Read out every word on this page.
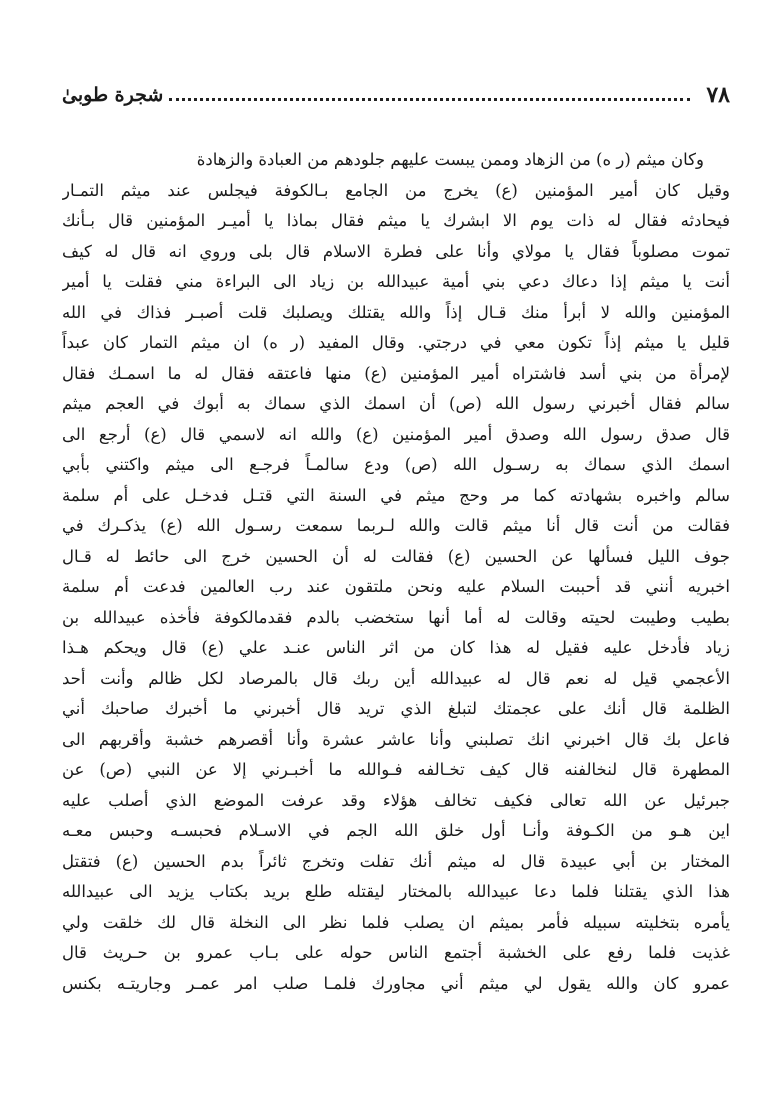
٧٨
شجرة طوبىٰ
وكان ميثم (ر ه) من الزهاد وممن يبست عليهم جلودهم من العبادة والزهادة
وقيل كان أمير المؤمنين (ع) يخرج من الجامع بـالكوفة فيجلس عند ميثم التمـار
فيحادثه فقال له ذات يوم الا ابشرك يا ميثم فقال بماذا يا أميـر المؤمنين قال بـأنك
تموت مصلوباً فقال يا مولاي وأنا على فطرة الاسلام قال بلى وروي انه قال له كيف
أنت يا ميثم إذا دعاك دعي بني أمية عبيدالله بن زياد الى البراءة مني فقلت يا أمير
المؤمنين والله لا أبرأ منك قـال إذاً والله يقتلك ويصلبك قلت أصبـر فذاك في الله
قليل يا ميثم إذاً تكون معي في درجتي. وقال المفيد (ر ه) ان ميثم التمار كان عبداً
لإمرأة من بني أسد فاشتراه أمير المؤمنين (ع) منها فاعتقه فقال له ما اسمـك فقال
سالم فقال أخبرني رسول الله (ص) أن اسمك الذي سماك به أبوك في العجم ميثم
قال صدق رسول الله وصدق أمير المؤمنين (ع) والله انه لاسمي قال (ع) أرجع الى
اسمك الذي سماك به رسـول الله (ص) ودع سالمـاً فرجـع الى ميثم واكتني بأبي
سالم واخبره بشهادته كما مر وحج ميثم في السنة التي قتـل فدخـل على أم سلمة
فقالت من أنت قال أنا ميثم قالت والله لـربما سمعت رسـول الله (ع) يذكـرك في
جوف الليل فسألها عن الحسين (ع) فقالت له أن الحسين خرج الى حائط له قـال
اخبريه أنني قد أحببت السلام عليه ونحن ملتقون عند رب العالمين فدعت أم سلمة
بطيب وطيبت لحيته وقالت له أما أنها ستخضب بالدم فقدمالكوفة فأخذه عبيدالله بن
زياد فأدخل عليه فقيل له هذا كان من اثر الناس عنـد علي (ع) قال ويحكم هـذا
الأعجمي قيل له نعم قال له عبيدالله أين ربك قال بالمرصاد لكل ظالم وأنت أحد
الظلمة قال أنك على عجمتك لتبلغ الذي تريد قال أخبرني ما أخبرك صاحبك أني
فاعل بك قال اخبرني انك تصلبني وأنا عاشر عشرة وأنا أقصرهم خشبة وأقربهم الى
المطهرة قال لنخالفنه قال كيف تخـالفه فـوالله ما أخبـرني إلا عن النبي (ص) عن
جبرئيل عن الله تعالى فكيف تخالف هؤلاء وقد عرفت الموضع الذي أصلب عليه
اين هـو من الكـوفة وأنـا أول خلق الله الجم في الاسـلام فحبسـه وحبس معـه
المختار بن أبي عبيدة قال له ميثم أنك تفلت وتخرج ثائراً بدم الحسين (ع) فتقتل
هذا الذي يقتلنا فلما دعا عبيدالله بالمختار ليقتله طلع بريد بكتاب يزيد الى عبيدالله
يأمره بتخليته سبيله فأمر بميثم ان يصلب فلما نظر الى النخلة قال لك خلقت ولي
غذيت فلما رفع على الخشبة أجتمع الناس حوله على بـاب عمرو بن حـريث قال
عمرو كان والله يقول لي ميثم أني مجاورك فلمـا صلب امر عمـر وجاريتـه بكنس
